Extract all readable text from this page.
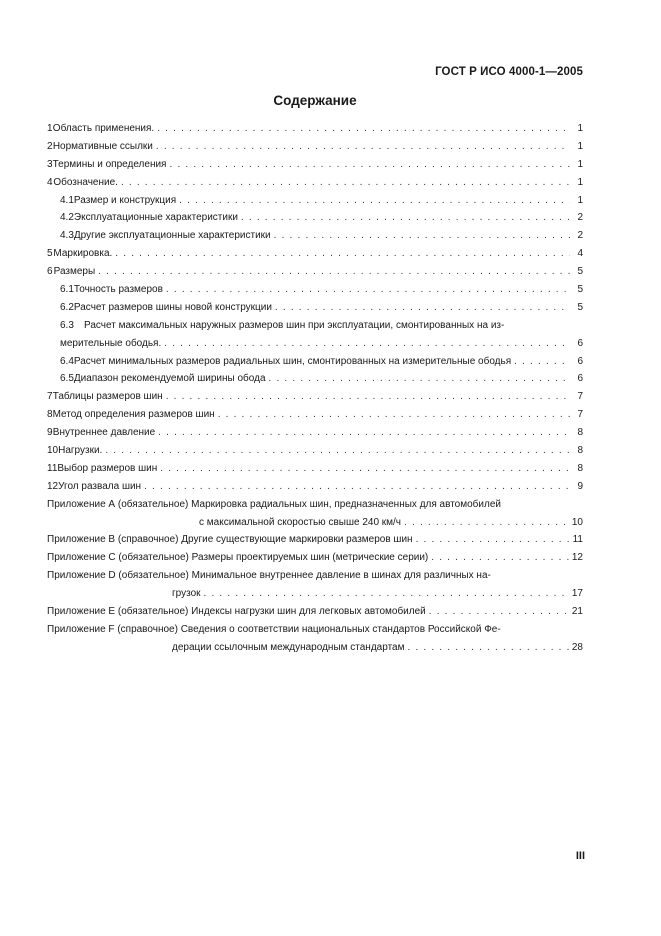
ГОСТ Р ИСО 4000-1—2005
Содержание
1 Область применения. . . .	1
2 Нормативные ссылки . . .	1
3 Термины и определения . . .	1
4 Обозначение. . . .	1
4.1 Размер и конструкция . . .	1
4.2 Эксплуатационные характеристики . . .	2
4.3 Другие эксплуатационные характеристики . . .	2
5 Маркировка. . . .	4
6 Размеры . . .	5
6.1 Точность размеров . . .	5
6.2 Расчет размеров шины новой конструкции . . .	5
6.3 Расчет максимальных наружных размеров шин при эксплуатации, смонтированных на из-
мерительные ободья. . . .	6
6.4 Расчет минимальных размеров радиальных шин, смонтированных на измерительные ободья . . .	6
6.5 Диапазон рекомендуемой ширины обода . . .	6
7 Таблицы размеров шин . . .	7
8 Метод определения размеров шин . . .	7
9 Внутреннее давление . . .	8
10 Нагрузки. . . .	8
11 Выбор размеров шин . . .	8
12 Угол развала шин . . .	9
Приложение А (обязательное) Маркировка радиальных шин, предназначенных для автомобилей
с максимальной скоростью свыше 240 км/ч . . .	10
Приложение В (справочное) Другие существующие маркировки размеров шин . . .	11
Приложение С (обязательное) Размеры проектируемых шин (метрические серии) . . .	12
Приложение D (обязательное) Минимальное внутреннее давление в шинах для различных на-
грузок . . .	17
Приложение Е (обязательное) Индексы нагрузки шин для легковых автомобилей . . .	21
Приложение F (справочное) Сведения о соответствии национальных стандартов Российской Фе-
дерации ссылочным международным стандартам . . .	28
III
